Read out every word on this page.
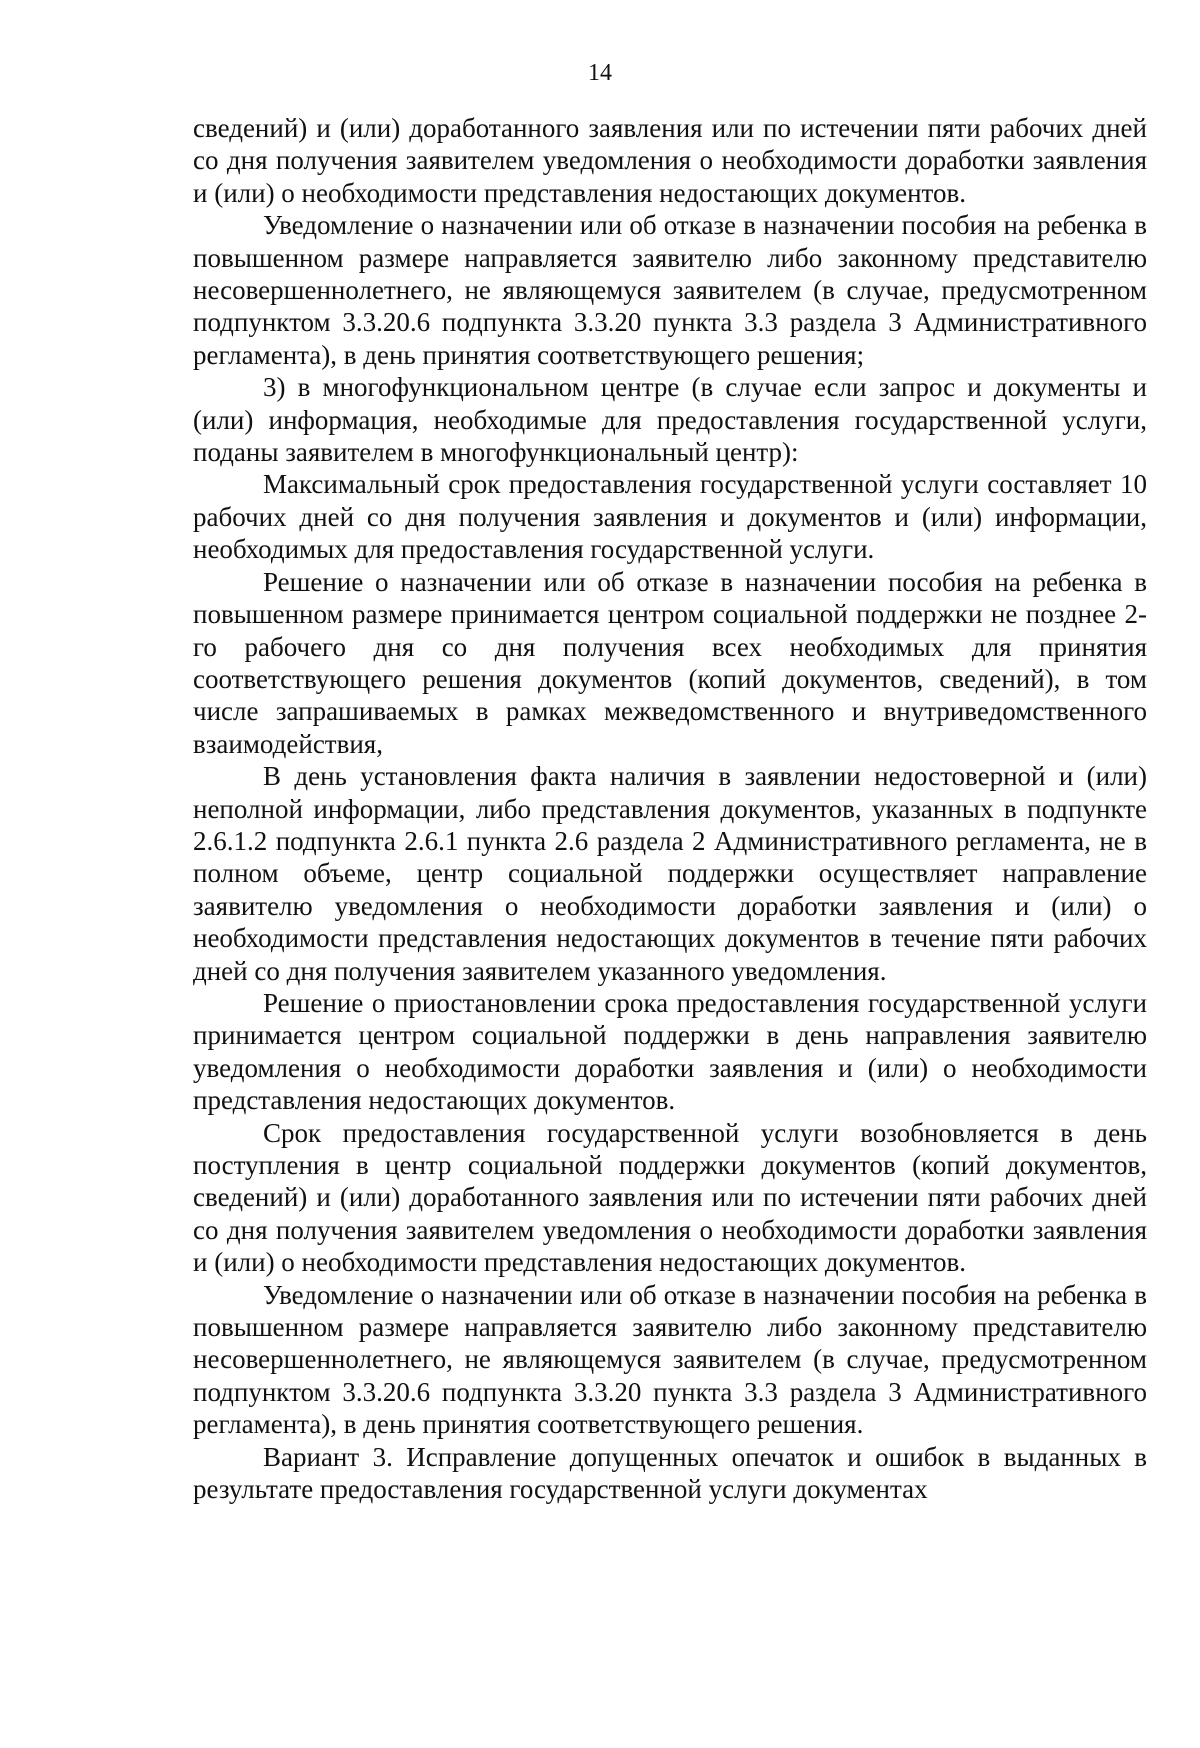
14

сведений) и (или) доработанного заявления или по истечении пяти рабочих дней со дня получения заявителем уведомления о необходимости доработки заявления и (или) о необходимости представления недостающих документов.

Уведомление о назначении или об отказе в назначении пособия на ребенка в повышенном размере направляется заявителю либо законному представителю несовершеннолетнего, не являющемуся заявителем (в случае, предусмотренном подпунктом 3.3.20.6 подпункта 3.3.20 пункта 3.3 раздела 3 Административного регламента), в день принятия соответствующего решения;

3) в многофункциональном центре (в случае если запрос и документы и (или) информация, необходимые для предоставления государственной услуги, поданы заявителем в многофункциональный центр):

Максимальный срок предоставления государственной услуги составляет 10 рабочих дней со дня получения заявления и документов и (или) информации, необходимых для предоставления государственной услуги.

Решение о назначении или об отказе в назначении пособия на ребенка в повышенном размере принимается центром социальной поддержки не позднее 2-го рабочего дня со дня получения всех необходимых для принятия соответствующего решения документов (копий документов, сведений), в том числе запрашиваемых в рамках межведомственного и внутриведомственного взаимодействия,

В день установления факта наличия в заявлении недостоверной и (или) неполной информации, либо представления документов, указанных в подпункте 2.6.1.2 подпункта 2.6.1 пункта 2.6 раздела 2 Административного регламента, не в полном объеме, центр социальной поддержки осуществляет направление заявителю уведомления о необходимости доработки заявления и (или) о необходимости представления недостающих документов в течение пяти рабочих дней со дня получения заявителем указанного уведомления.

Решение о приостановлении срока предоставления государственной услуги принимается центром социальной поддержки в день направления заявителю уведомления о необходимости доработки заявления и (или) о необходимости представления недостающих документов.

Срок предоставления государственной услуги возобновляется в день поступления в центр социальной поддержки документов (копий документов, сведений) и (или) доработанного заявления или по истечении пяти рабочих дней со дня получения заявителем уведомления о необходимости доработки заявления и (или) о необходимости представления недостающих документов.

Уведомление о назначении или об отказе в назначении пособия на ребенка в повышенном размере направляется заявителю либо законному представителю несовершеннолетнего, не являющемуся заявителем (в случае, предусмотренном подпунктом 3.3.20.6 подпункта 3.3.20 пункта 3.3 раздела 3 Административного регламента), в день принятия соответствующего решения.

Вариант 3. Исправление допущенных опечаток и ошибок в выданных в результате предоставления государственной услуги документах
